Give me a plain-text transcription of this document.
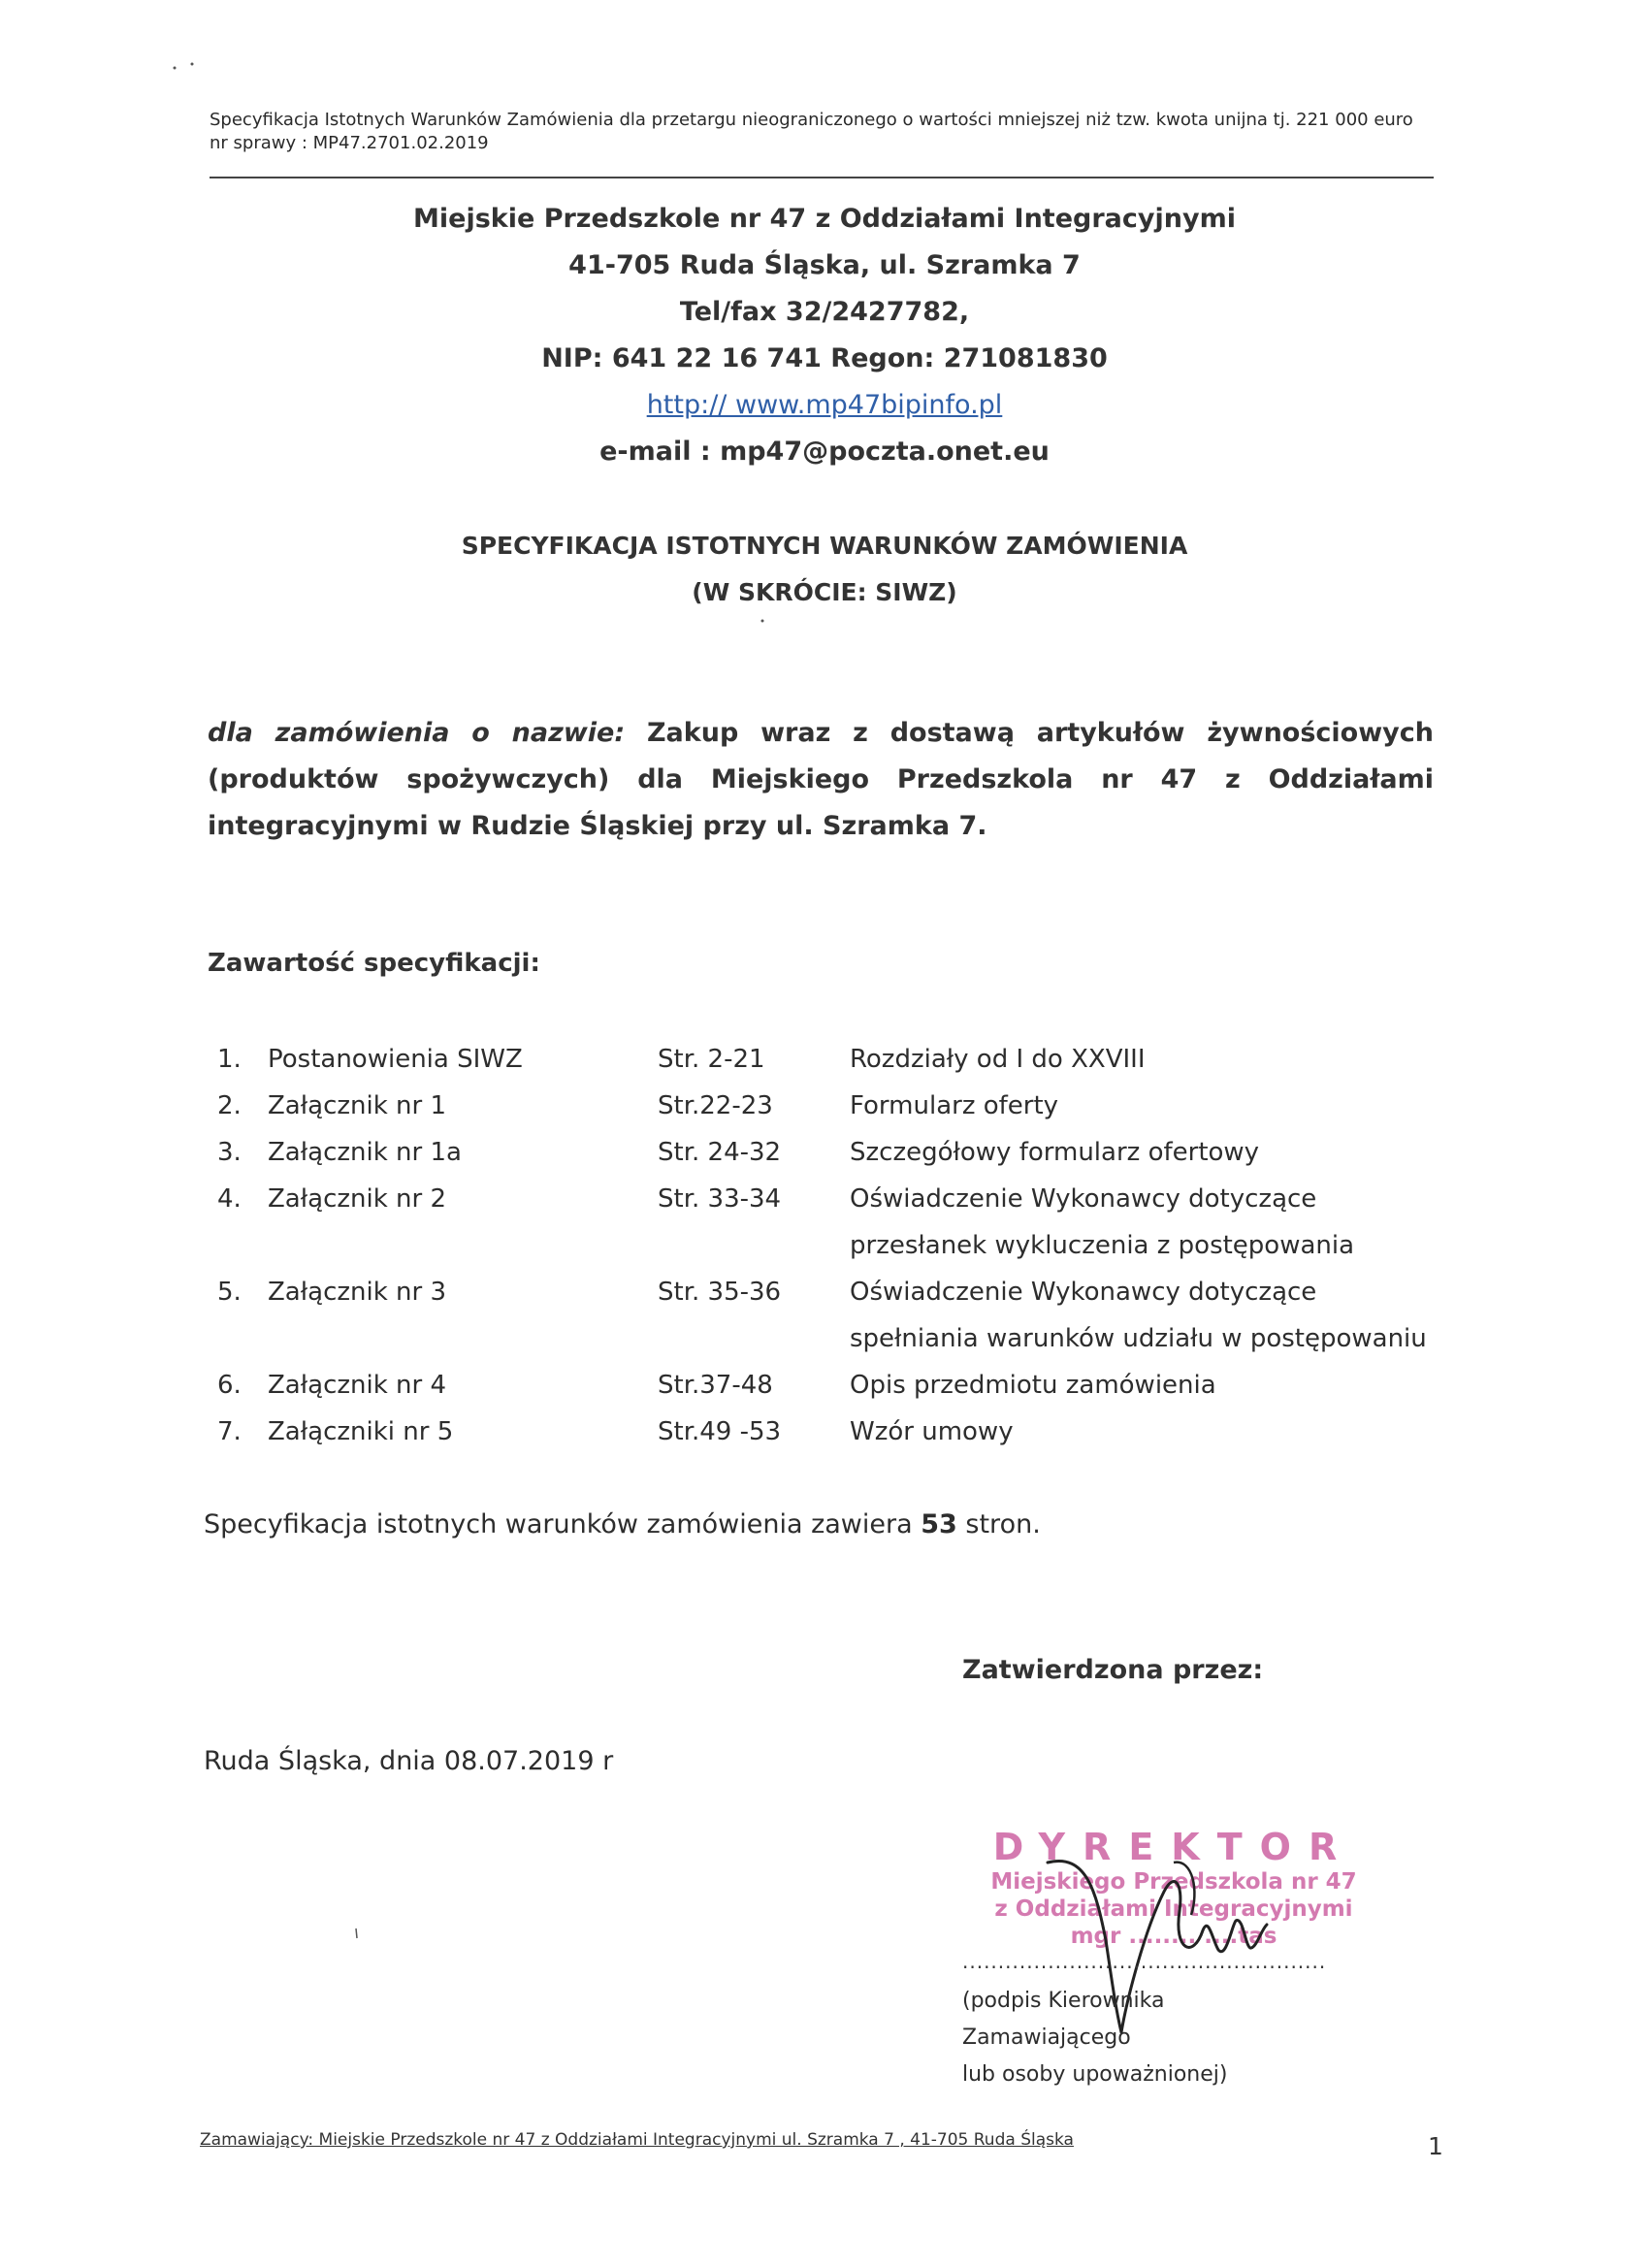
Specyfikacja Istotnych Warunków Zamówienia dla przetargu nieograniczonego o wartości mniejszej niż tzw. kwota unijna tj. 221 000 euro
nr sprawy : MP47.2701.02.2019
Miejskie Przedszkole nr 47 z Oddziałami Integracyjnymi
41-705 Ruda Śląska, ul. Szramka 7
Tel/fax 32/2427782,
NIP: 641 22 16 741 Regon: 271081830
http:// www.mp47bipinfo.pl
e-mail : mp47@poczta.onet.eu
SPECYFIKACJA ISTOTNYCH WARUNKÓW ZAMÓWIENIA
(W SKRÓCIE: SIWZ)
dla zamówienia o nazwie: Zakup wraz z dostawą artykułów żywnościowych (produktów spożywczych) dla Miejskiego Przedszkola nr 47 z Oddziałami integracyjnymi w Rudzie Śląskiej przy ul. Szramka 7.
Zawartość specyfikacji:
1. Postanowienia SIWZ	Str. 2-21	Rozdziały od I do XXVIII
2. Załącznik nr 1	Str.22-23	Formularz oferty
3. Załącznik nr 1a	Str. 24-32	Szczegółowy formularz ofertowy
4. Załącznik nr 2	Str. 33-34	Oświadczenie Wykonawcy dotyczące przesłanek wykluczenia z postępowania
5. Załącznik nr 3	Str. 35-36	Oświadczenie Wykonawcy dotyczące spełniania warunków udziału w postępowaniu
6. Załącznik nr 4	Str.37-48	Opis przedmiotu zamówienia
7. Załączniki nr 5	Str.49 -53	Wzór umowy
Specyfikacja istotnych warunków zamówienia zawiera 53 stron.
Zatwierdzona przez:
Ruda Śląska, dnia 08.07.2019 r
DYREKTOR
Miejskiego Przedszkola nr 47
z Oddziałami Integracyjnymi
mgr ........ ....tas
...................................................
(podpis Kierownika Zamawiającego
lub osoby upoważnionej)
Zamawiający: Miejskie Przedszkole nr 47 z Oddziałami Integracyjnymi ul. Szramka 7 , 41-705 Ruda Śląska	1
